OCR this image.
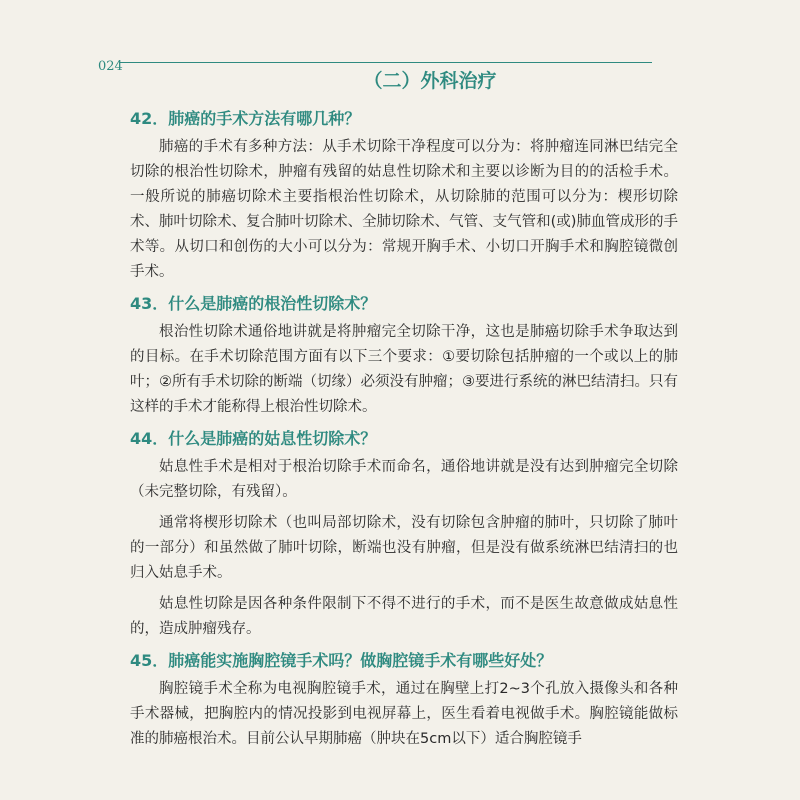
024
（二）外科治疗
42．肺癌的手术方法有哪几种？

肺癌的手术有多种方法：从手术切除干净程度可以分为：将肿瘤连同淋巴结完全切除的根治性切除术，肿瘤有残留的姑息性切除术和主要以诊断为目的的活检手术。一般所说的肺癌切除术主要指根治性切除术，从切除肺的范围可以分为：楔形切除术、肺叶切除术、复合肺叶切除术、全肺切除术、气管、支气管和(或)肺血管成形的手术等。从切口和创伤的大小可以分为：常规开胸手术、小切口开胸手术和胸腔镜微创手术。

43．什么是肺癌的根治性切除术？

根治性切除术通俗地讲就是将肿瘤完全切除干净，这也是肺癌切除手术争取达到的目标。在手术切除范围方面有以下三个要求：①要切除包括肿瘤的一个或以上的肺叶；②所有手术切除的断端（切缘）必须没有肿瘤；③要进行系统的淋巴结清扫。只有这样的手术才能称得上根治性切除术。

44．什么是肺癌的姑息性切除术？

姑息性手术是相对于根治切除手术而命名，通俗地讲就是没有达到肿瘤完全切除（未完整切除，有残留）。

通常将楔形切除术（也叫局部切除术，没有切除包含肿瘤的肺叶，只切除了肺叶的一部分）和虽然做了肺叶切除，断端也没有肿瘤，但是没有做系统淋巴结清扫的也归入姑息手术。

姑息性切除是因各种条件限制下不得不进行的手术，而不是医生故意做成姑息性的，造成肿瘤残存。

45．肺癌能实施胸腔镜手术吗？做胸腔镜手术有哪些好处？

胸腔镜手术全称为电视胸腔镜手术，通过在胸壁上打2~3个孔放入摄像头和各种手术器械，把胸腔内的情况投影到电视屏幕上，医生看着电视做手术。胸腔镜能做标准的肺癌根治术。目前公认早期肺癌（肿块在5cm以下）适合胸腔镜手
